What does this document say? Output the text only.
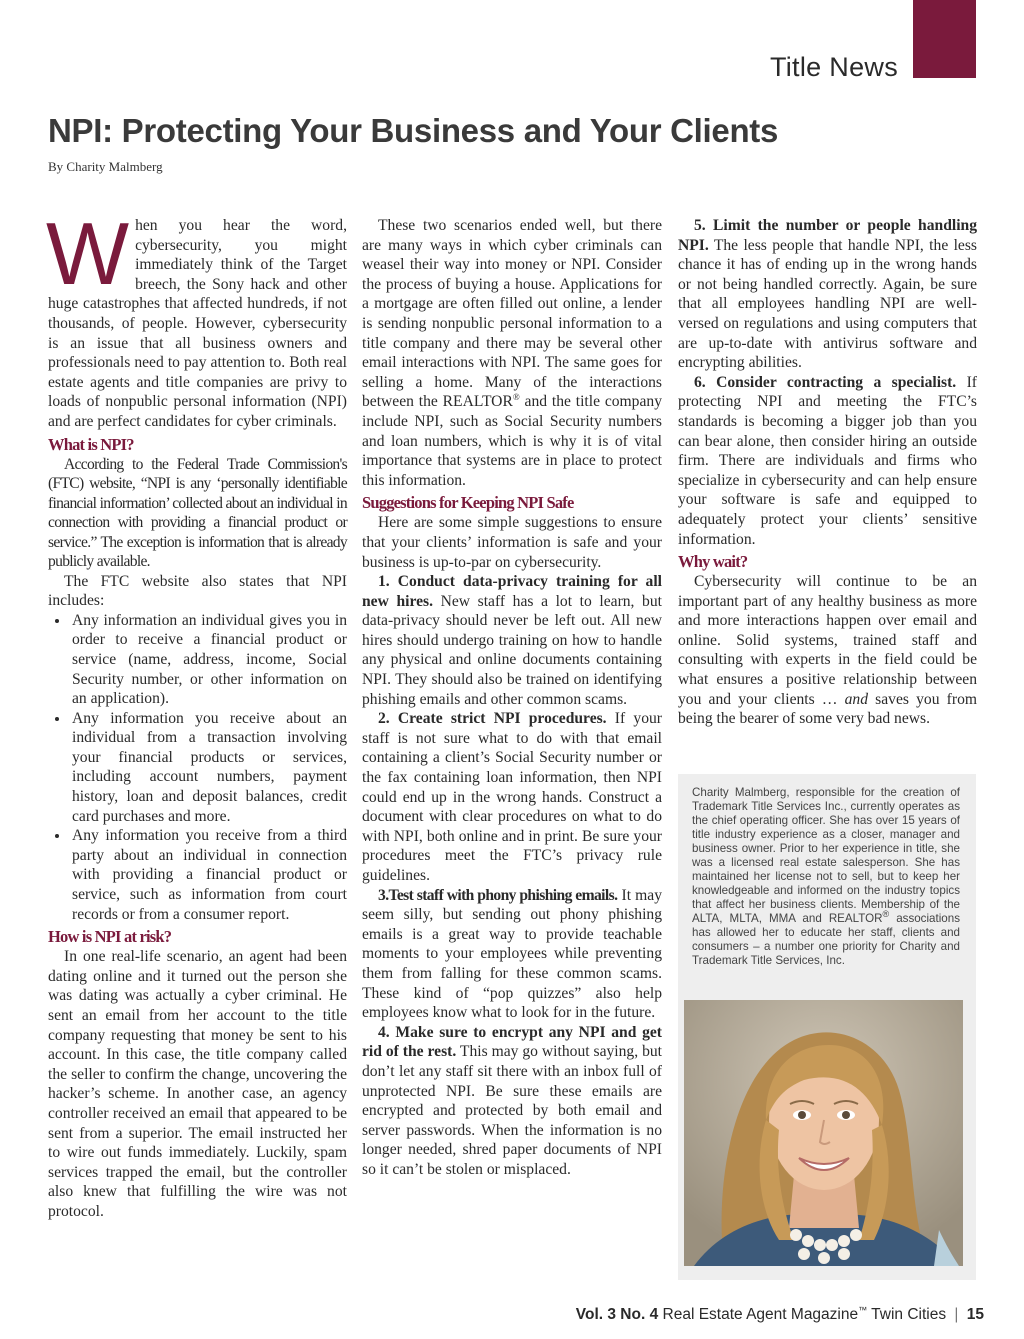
Title News
NPI: Protecting Your Business and Your Clients
By Charity Malmberg

When you hear the word, cybersecurity, you might immediately think of the Target breech, the Sony hack and other huge catastrophes that affected hundreds, if not thousands, of people. However, cybersecurity is an issue that all business owners and professionals need to pay attention to. Both real estate agents and title companies are privy to loads of nonpublic personal information (NPI) and are perfect candidates for cyber criminals.

What is NPI?

According to the Federal Trade Commission's (FTC) website, “NPI is any ‘personally identifiable financial information’ collected about an individual in connection with providing a financial product or service.” The exception is information that is already publicly available.

The FTC website also states that NPI includes:

• Any information an individual gives you in order to receive a financial product or service (name, address, income, Social Security number, or other information on an application).
• Any information you receive about an individual from a transaction involving your financial products or services, including account numbers, payment history, loan and deposit balances, credit card purchases and more.
• Any information you receive from a third party about an individual in connection with providing a financial product or service, such as information from court records or from a consumer report.
How is NPI at risk?

In one real-life scenario, an agent had been dating online and it turned out the person she was dating was actually a cyber criminal. He sent an email from her account to the title company requesting that money be sent to his account. In this case, the title company called the seller to confirm the change, uncovering the hacker’s scheme. In another case, an agency controller received an email that appeared to be sent from a superior. The email instructed her to wire out funds immediately. Luckily, spam services trapped the email, but the controller also knew that fulfilling the wire was not protocol.

These two scenarios ended well, but there are many ways in which cyber criminals can weasel their way into money or NPI. Consider the process of buying a house. Applications for a mortgage are often filled out online, a lender is sending nonpublic personal information to a title company and there may be several other email interactions with NPI. The same goes for selling a home. Many of the interactions between the REALTOR® and the title company include NPI, such as Social Security numbers and loan numbers, which is why it is of vital importance that systems are in place to protect this information.

Suggestions for Keeping NPI Safe

Here are some simple suggestions to ensure that your clients’ information is safe and your business is up-to-par on cybersecurity.

1. Conduct data-privacy training for all new hires. New staff has a lot to learn, but data-privacy should never be left out. All new hires should undergo training on how to handle any physical and online documents containing NPI. They should also be trained on identifying phishing emails and other common scams.

2. Create strict NPI procedures. If your staff is not sure what to do with that email containing a client’s Social Security number or the fax containing loan information, then NPI could end up in the wrong hands. Construct a document with clear procedures on what to do with NPI, both online and in print. Be sure your procedures meet the FTC’s privacy rule guidelines.

3.Test staff with phony phishing emails. It may seem silly, but sending out phony phishing emails is a great way to provide teachable moments to your employees while preventing them from falling for these common scams. These kind of “pop quizzes” also help employees know what to look for in the future.

4. Make sure to encrypt any NPI and get rid of the rest. This may go without saying, but don’t let any staff sit there with an inbox full of unprotected NPI. Be sure these emails are encrypted and protected by both email and server passwords. When the information is no longer needed, shred paper documents of NPI so it can’t be stolen or misplaced.

5. Limit the number or people handling NPI. The less people that handle NPI, the less chance it has of ending up in the wrong hands or not being handled correctly. Again, be sure that all employees handling NPI are well-versed on regulations and using computers that are up-to-date with antivirus software and encrypting abilities.

6. Consider contracting a specialist. If protecting NPI and meeting the FTC’s standards is becoming a bigger job than you can bear alone, then consider hiring an outside firm. There are individuals and firms who specialize in cybersecurity and can help ensure your software is safe and equipped to adequately protect your clients’ sensitive information.

Why wait?

Cybersecurity will continue to be an important part of any healthy business as more and more interactions happen over email and online. Solid systems, trained staff and consulting with experts in the field could be what ensures a positive relationship between you and your clients … and saves you from being the bearer of some very bad news.

Charity Malmberg, responsible for the creation of Trademark Title Services Inc., currently operates as the chief operating officer. She has over 15 years of title industry experience as a closer, manager and business owner. Prior to her experience in title, she was a licensed real estate salesperson. She has maintained her license not to sell, but to keep her knowledgeable and informed on the industry topics that affect her business clients. Membership of the ALTA, MLTA, MMA and REALTOR® associations has allowed her to educate her staff, clients and consumers – a number one priority for Charity and Trademark Title Services, Inc.
Vol. 3 No. 4 Real Estate Agent Magazine™ Twin Cities | 15
